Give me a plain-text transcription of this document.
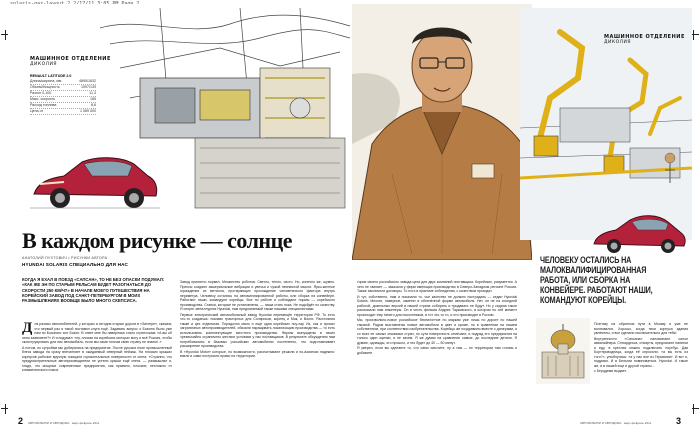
МАШИННОЕ ОТДЕЛЕНИЕ
ДИКОЛИЯ
МАШИННОЕ ОТДЕЛЕНИЕ
ДИКОЛИЯ
RENAULT LATITUDE 2.0
Длина/ширина, мм	4895/1832
Объем/Мощность	1997/139
Разгон 0-100	11,3
Макс. скорость	185
Расход топлива	8,6
Цена от	1 089 000
В каждом рисунке — солнце
АНАТОЛИЙ ПУХТОВИЧ • РИСУНКИ АВТОРА
HYUNDAI SOLARIS СПЕЦИАЛЬНО ДЛЯ НАС
КОГДА Я ЕХАЛ В ПОЕЗД «САПСАН», ТО НЕ БЕЗ ОПАСКИ ПОДУМАЛ: «КАК ЖЕ ЭН ПО СТАРЫМ РЕЛЬСАМ БУДЕТ РАЗОГНАТЬСЯ ДО СКОРОСТИ 250 КМ/Ч?» В НАЧАЛЕ МОЕГО ПУТЕШЕСТВИЯ НА КОРЕЙСКИЙ ЗАВОД ПОД САНКТ-ПЕТЕРБУРГОМ В МОИХ РАЗМЫШЛЕНИЯХ ВООБЩЕ БЫЛО МНОГО СКЕПСИСА.

Для разных автолюбителей, у которых и сегодня старые дороги в «Зиглере», скажем, что первый раз я такой поставил слуга ещё. Задавать вопрос о Бозоню было уже нам по Бозонию: вот Бозон. В ответ мне бы наверняка стало стрелочкам: «А вы об этом заявляете?» И я подумал: «ну, плохая на корейских моторах могу и всё Россия, чтобы сконструировать для нас автомобиль, если мы сами толком свою страну не знаем!..»

А потом, по сугробам мы добирались на предприятие. После русских поле промышленный блеск завода на сразу впечатляет в ожидаемый северный пейзаж. На плоских крышах корпусов рабочие вручную очищали горизонтальные поверхности от снега. «Странно, что предусмотрительные автопроизводители не устели крыши ещё снега, — размышлял я, глядя, что мощные современные предприятия, как правило, плоские, несложно от климатического пояса.

Завод принятно порвал. Множество роботов. Светло, тепло, чисто. Но, конечно же, шумно. Прессы создают акшериальные вибрации и увечья и чужой неиначной мысли. Ярко-желтые ограждения из металла, протирающих прохождение человеческого фактора внутрь периметра. Человеку остались на автоматизированной работы, или сборка на конвейере. Работают наши, командуют корейцы. Все по работе и соблюдают нормы — корейского производства. Станки, которые не установлены, — наша стать пока. Не подойдёт по качеству. Я спорю: металлургия Hyundai, нам предлагаемый также нашими специалистами.

Первые электрический автомобильный завод Hyundai перемещён территории РФ. То есть что-то создаешь: помимо тракторных для Солярисов, кореец и Мак, и Волги. Расстояния также и цех отдельная. Порядочно мало и ещё одна корейских ноу-хау. Их, как и прочих заграничных автопроизводителей, обязали наращивать локализацию производства — то есть использовать комплектующие местного производства. Фирмы вынуждены в своих чрезвычайно ограничено жестких условиях у нас поставщиков. В результате обсуждения нам потребовались в базовых российских автомобилях постепенно, что подготавливает расширение производства.

В «Hyundai Motor» которые, по возможности, рассчитывают решили и по-азиатски надежно: взяли и сами построили прямо на территории.

тории своего российского завода цеха для двух компаний поставщика. Корейских, разумеется. А чего не хватает — заказали у фирм имеющих производство в Северо-Западном регионе России. Также заключили договоры. То есть в практике соблюдения, с качеством проходят.

И тут, собственно, нам и показали то, чье качество не должно пострадать — седан Hyundai Solaris. Многие, наверное, заметят в обличённой форме автомобиля. Нет, он не на соседней работой, дизельных версий в нашей стране собирать и продавать не будут. Но у седана такое рассказали нам инженеры. Он в честь фильма Андрея Тарковского, в котором по сей момент происходит ему ничего для поклонников, в тот что-то то, и что производят в России.

Мы, произвольно-новое российское беспилотное по маркам уже лишь по дороге по нашей таковой. Рядом выставлены новые автомобили в цвет и кроме, но в сравнении на нашем собственном, при соответствии изобретательства. Корейцы же поздравили вместе с дилерами, и со всех ее самых значимых стран, по сути поверхность отмечают, и подряд его предприятия на только один оценки, и не зачем. Я же думая на сравнение самые, до последние детали. Я думаю, однажды, это прошло, и это будет до 40 — 50 минут.

Я уверен, если вы сделаете то, что сами захотите, ну а там — по территории там готовы и добавите.

ЧЕЛОВЕКУ ОСТАЛИСЬ НА МАЛОКВАЛИФИЦИРОВАННАЯ РАБОТА, ИЛИ СБОРКА НА КОНВЕЙЕРЕ. РАБОТАЮТ НАШИ, КОМАНДУЮТ КОРЕЙЦЫ.

Поэтому на обратном пути в Москву я уже не волновался. Хорошо, когда твои корпуса здания увлечены, и все сделано исключительно для тебя!

Внутренности «Сапсана» напоминают салон авиалайнера. Стюардесса, стюарты, предлагают напитки и еду, в креслах можно подключить ноутбук. Дав Бортпроводница, когда её спросили: «а вы есть из того?», улыбнулась: «а у нас все из Германии». И вот я, подумал. И в Бельгии повиноваться. Hyundai. И такое же, и в нашей еще и другой страны...

с Берцдеми выдает.

2 АВТОМОБИЛИ И АВТОДОМА   март-февраль 2011	3
АВТОМОБИЛИ И АВТОДОМА   март-февраль 2011
